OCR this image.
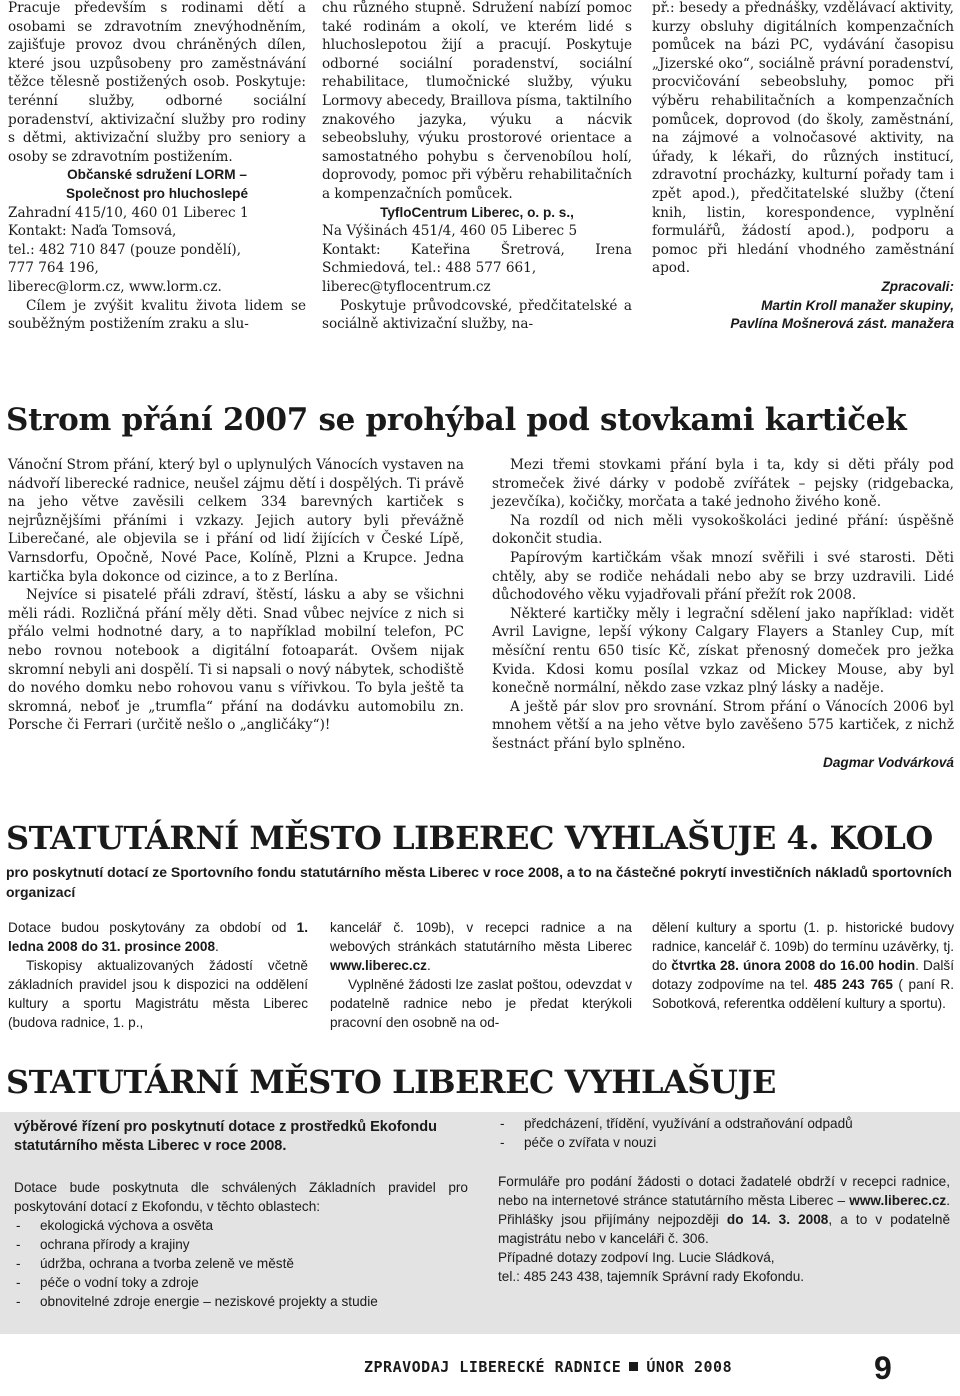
Pracuje především s rodinami dětí a osobami se zdravotním znevýhodněním, zajišťuje provoz dvou chráněných dílen, které jsou uzpůsobeny pro zaměstnávání těžce tělesně postižených osob. Poskytuje: terénní služby, odborné sociální poradenství, aktivizační služby pro rodiny s dětmi, aktivizační služby pro seniory a osoby se zdravotním postižením.

Občanské sdružení LORM –

Společnost pro hluchoslepé

Zahradní 415/10, 460 01 Liberec 1

Kontakt: Naďa Tomsová,

tel.: 482 710 847 (pouze pondělí),

777 764 196,

liberec@lorm.cz, www.lorm.cz.

Cílem je zvýšit kvalitu života lidem se souběžným postižením zraku a slu-

chu různého stupně. Sdružení nabízí pomoc také rodinám a okolí, ve kterém lidé s hluchoslepotou žijí a pracují. Poskytuje odborné sociální poradenství, sociální rehabilitace, tlumočnické služby, výuku Lormovy abecedy, Braillova písma, taktilního znakového jazyka, výuku a nácvik sebeobsluhy, výuku prostorové orientace a samostatného pohybu s červenobílou holí, doprovody, pomoc při výběru rehabilitačních a kompenzačních pomůcek.

TyfloCentrum Liberec, o. p. s.,

Na Výšinách 451/4, 460 05 Liberec 5

Kontakt: Kateřina Šretrová, Irena Schmiedová, tel.: 488 577 661,

liberec@tyflocentrum.cz

Poskytuje průvodcovské, předčitatelské a sociálně aktivizační služby, na-

př.: besedy a přednášky, vzdělávací aktivity, kurzy obsluhy digitálních kompenzačních pomůcek na bázi PC, vydávání časopisu „Jizerské oko“, sociálně právní poradenství, procvičování sebeobsluhy, pomoc při výběru rehabilitačních a kompenzačních pomůcek, doprovod (do školy, zaměstnání, na zájmové a volnočasové aktivity, na úřady, k lékaři, do různých institucí, zdravotní procházky, kulturní pořady tam i zpět apod.), předčitatelské služby (čtení knih, listin, korespondence, vyplnění formulářů, žádostí apod.), podporu a pomoc při hledání vhodného zaměstnání apod.

Zpracovali:

Martin Kroll manažer skupiny,

Pavlína Mošnerová zást. manažera

Strom přání 2007 se prohýbal pod stovkami kartiček

Vánoční Strom přání, který byl o uplynulých Vánocích vystaven na nádvoří liberecké radnice, neušel zájmu dětí i dospělých. Ti právě na jeho větve zavěsili celkem 334 barevných kartiček s nejrůznějšími přáními i vzkazy. Jejich autory byli převážně Liberečané, ale objevila se i přání od lidí žijících v České Lípě, Varnsdorfu, Opočně, Nové Pace, Kolíně, Plzni a Krupce. Jedna kartička byla dokonce od cizince, a to z Berlína.

Nejvíce si pisatelé přáli zdraví, štěstí, lásku a aby se všichni měli rádi. Rozličná přání měly děti. Snad vůbec nejvíce z nich si přálo velmi hodnotné dary, a to například mobilní telefon, PC nebo rovnou notebook a digitální fotoaparát. Ovšem nijak skromní nebyli ani dospělí. Ti si napsali o nový nábytek, schodiště do nového domku nebo rohovou vanu s vířivkou. To byla ještě ta skromná, neboť je „trumfla“ přání na dodávku automobilu zn. Porsche či Ferrari (určitě nešlo o „angličáky“)!

Mezi třemi stovkami přání byla i ta, kdy si děti přály pod stromeček živé dárky v podobě zvířátek – pejsky (ridgebacka, jezevčíka), kočičky, morčata a také jednoho živého koně.

Na rozdíl od nich měli vysokoškoláci jediné přání: úspěšně dokončit studia.

Papírovým kartičkám však mnozí svěřili i své starosti. Děti chtěly, aby se rodiče nehádali nebo aby se brzy uzdravili. Lidé důchodového věku vyjadřovali přání přežít rok 2008.

Některé kartičky měly i legrační sdělení jako například: vidět Avril Lavigne, lepší výkony Calgary Flayers a Stanley Cup, mít měsíční rentu 650 tisíc Kč, získat přenosný domeček pro ježka Kvida. Kdosi komu posílal vzkaz od Mickey Mouse, aby byl konečně normální, někdo zase vzkaz plný lásky a naděje.

A ještě pár slov pro srovnání. Strom přání o Vánocích 2006 byl mnohem větší a na jeho větve bylo zavěšeno 575 kartiček, z nichž šestnáct přání bylo splněno.

Dagmar Vodvárková

STATUTÁRNÍ MĚSTO LIBEREC VYHLAŠUJE 4. KOLO
pro poskytnutí dotací ze Sportovního fondu statutárního města Liberec v roce 2008, a to na částečné pokrytí investičních nákladů sportovních organizací

Dotace budou poskytovány za období od 1. ledna 2008 do 31. prosince 2008.

Tiskopisy aktualizovaných žádostí včetně základních pravidel jsou k dispozici na oddělení kultury a sportu Magistrátu města Liberec (budova radnice, 1. p.,

kancelář č. 109b), v recepci radnice a na webových stránkách statutárního města Liberec www.liberec.cz.

Vyplněné žádosti lze zaslat poštou, odevzdat v podatelně radnice nebo je předat kterýkoli pracovní den osobně na od-

dělení kultury a sportu (1. p. historické budovy radnice, kancelář č. 109b) do termínu uzávěrky, tj. do čtvrtka 28. února 2008 do 16.00 hodin. Další dotazy zodpovíme na tel. 485 243 765 ( paní R. Sobotková, referentka oddělení kultury a sportu).

STATUTÁRNÍ MĚSTO LIBEREC VYHLAŠUJE
výběrové řízení pro poskytnutí dotace z prostředků Ekofondu statutárního města Liberec v roce 2008.

Dotace bude poskytnuta dle schválených Základních pravidel pro poskytování dotací z Ekofondu, v těchto oblastech:

- ekologická výchova a osvěta
- ochrana přírody a krajiny
- údržba, ochrana a tvorba zeleně ve městě
- péče o vodní toky a zdroje
- obnovitelné zdroje energie – neziskové projekty a studie
- předcházení, třídění, využívání a odstraňování odpadů
- péče o zvířata v nouzi

Formuláře pro podání žádosti o dotaci žadatelé obdrží v recepci radnice, nebo na internetové stránce statutárního města Liberec – www.liberec.cz. Přihlášky jsou přijímány nejpozději do 14. 3. 2008, a to v podatelně magistrátu nebo v kanceláři č. 306.

Případné dotazy zodpoví Ing. Lucie Sládková,

tel.: 485 243 438, tajemník Správní rady Ekofondu.

ZPRAVODAJ LIBERECKÉ RADNICE ÚNOR 2008	9
